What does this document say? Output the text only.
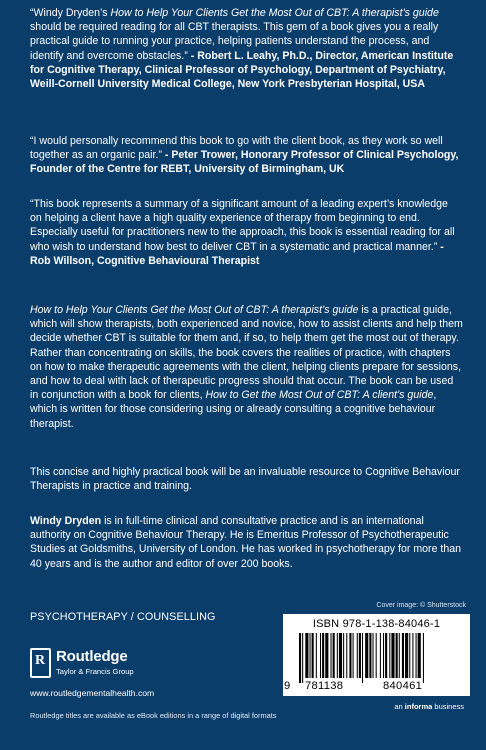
“Windy Dryden’s How to Help Your Clients Get the Most Out of CBT: A therapist’s guide should be required reading for all CBT therapists. This gem of a book gives you a really practical guide to running your practice, helping patients understand the process, and identify and overcome obstacles.” - Robert L. Leahy, Ph.D., Director, American Institute for Cognitive Therapy, Clinical Professor of Psychology, Department of Psychiatry, Weill-Cornell University Medical College, New York Presbyterian Hospital, USA

“I would personally recommend this book to go with the client book, as they work so well together as an organic pair.” - Peter Trower, Honorary Professor of Clinical Psychology, Founder of the Centre for REBT, University of Birmingham, UK

“This book represents a summary of a significant amount of a leading expert’s knowledge on helping a client have a high quality experience of therapy from beginning to end. Especially useful for practitioners new to the approach, this book is essential reading for all who wish to understand how best to deliver CBT in a systematic and practical manner.” - Rob Willson, Cognitive Behavioural Therapist

How to Help Your Clients Get the Most Out of CBT: A therapist’s guide is a practical guide, which will show therapists, both experienced and novice, how to assist clients and help them decide whether CBT is suitable for them and, if so, to help them get the most out of therapy. Rather than concentrating on skills, the book covers the realities of practice, with chapters on how to make therapeutic agreements with the client, helping clients prepare for sessions, and how to deal with lack of therapeutic progress should that occur. The book can be used in conjunction with a book for clients, How to Get the Most Out of CBT: A client’s guide, which is written for those considering using or already consulting a cognitive behaviour therapist.

This concise and highly practical book will be an invaluable resource to Cognitive Behaviour Therapists in practice and training.

Windy Dryden is in full-time clinical and consultative practice and is an international authority on Cognitive Behaviour Therapy. He is Emeritus Professor of Psychotherapeutic Studies at Goldsmiths, University of London. He has worked in psychotherapy for more than 40 years and is the author and editor of over 200 books.

Cover image: © Shutterstock
PSYCHOTHERAPY / COUNSELLING
R Routledge
Taylor & Francis Group
www.routledgementalhealth.com
ISBN 978-1-138-84046-1
9 781138	840461
an informa business
Routledge titles are available as eBook editions in a range of digital formats
